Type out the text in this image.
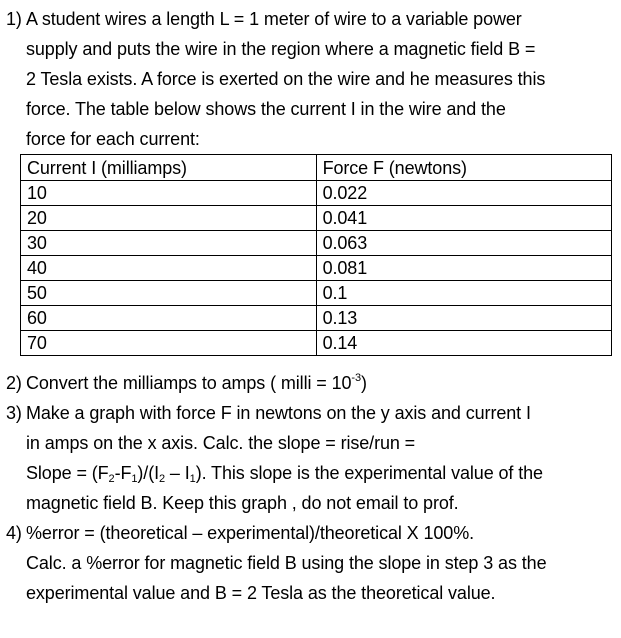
1) A student wires a length L = 1 meter of wire to a variable power
supply and puts the wire in the region where a magnetic field B =
2 Tesla exists. A force is exerted on the wire and he measures this
force. The table below shows the current I in the wire and the
force for each current:
Current I (milliamps)	Force F (newtons)
10	0.022
20	0.041
30	0.063
40	0.081
50	0.1
60	0.13
70	0.14
2) Convert the milliamps to amps ( milli = $10^{-3}$)
3) Make a graph with force F in newtons on the y axis and current I
in amps on the x axis. Calc. the slope = rise/run =
Slope = $(F_2-F_1)/(I_2 - I_1)$. This slope is the experimental value of the
magnetic field B. Keep this graph , do not email to prof.
4) %error = (theoretical – experimental)/theoretical X 100%.
Calc. a %error for magnetic field B using the slope in step 3 as the
experimental value and B = 2 Tesla as the theoretical value.
